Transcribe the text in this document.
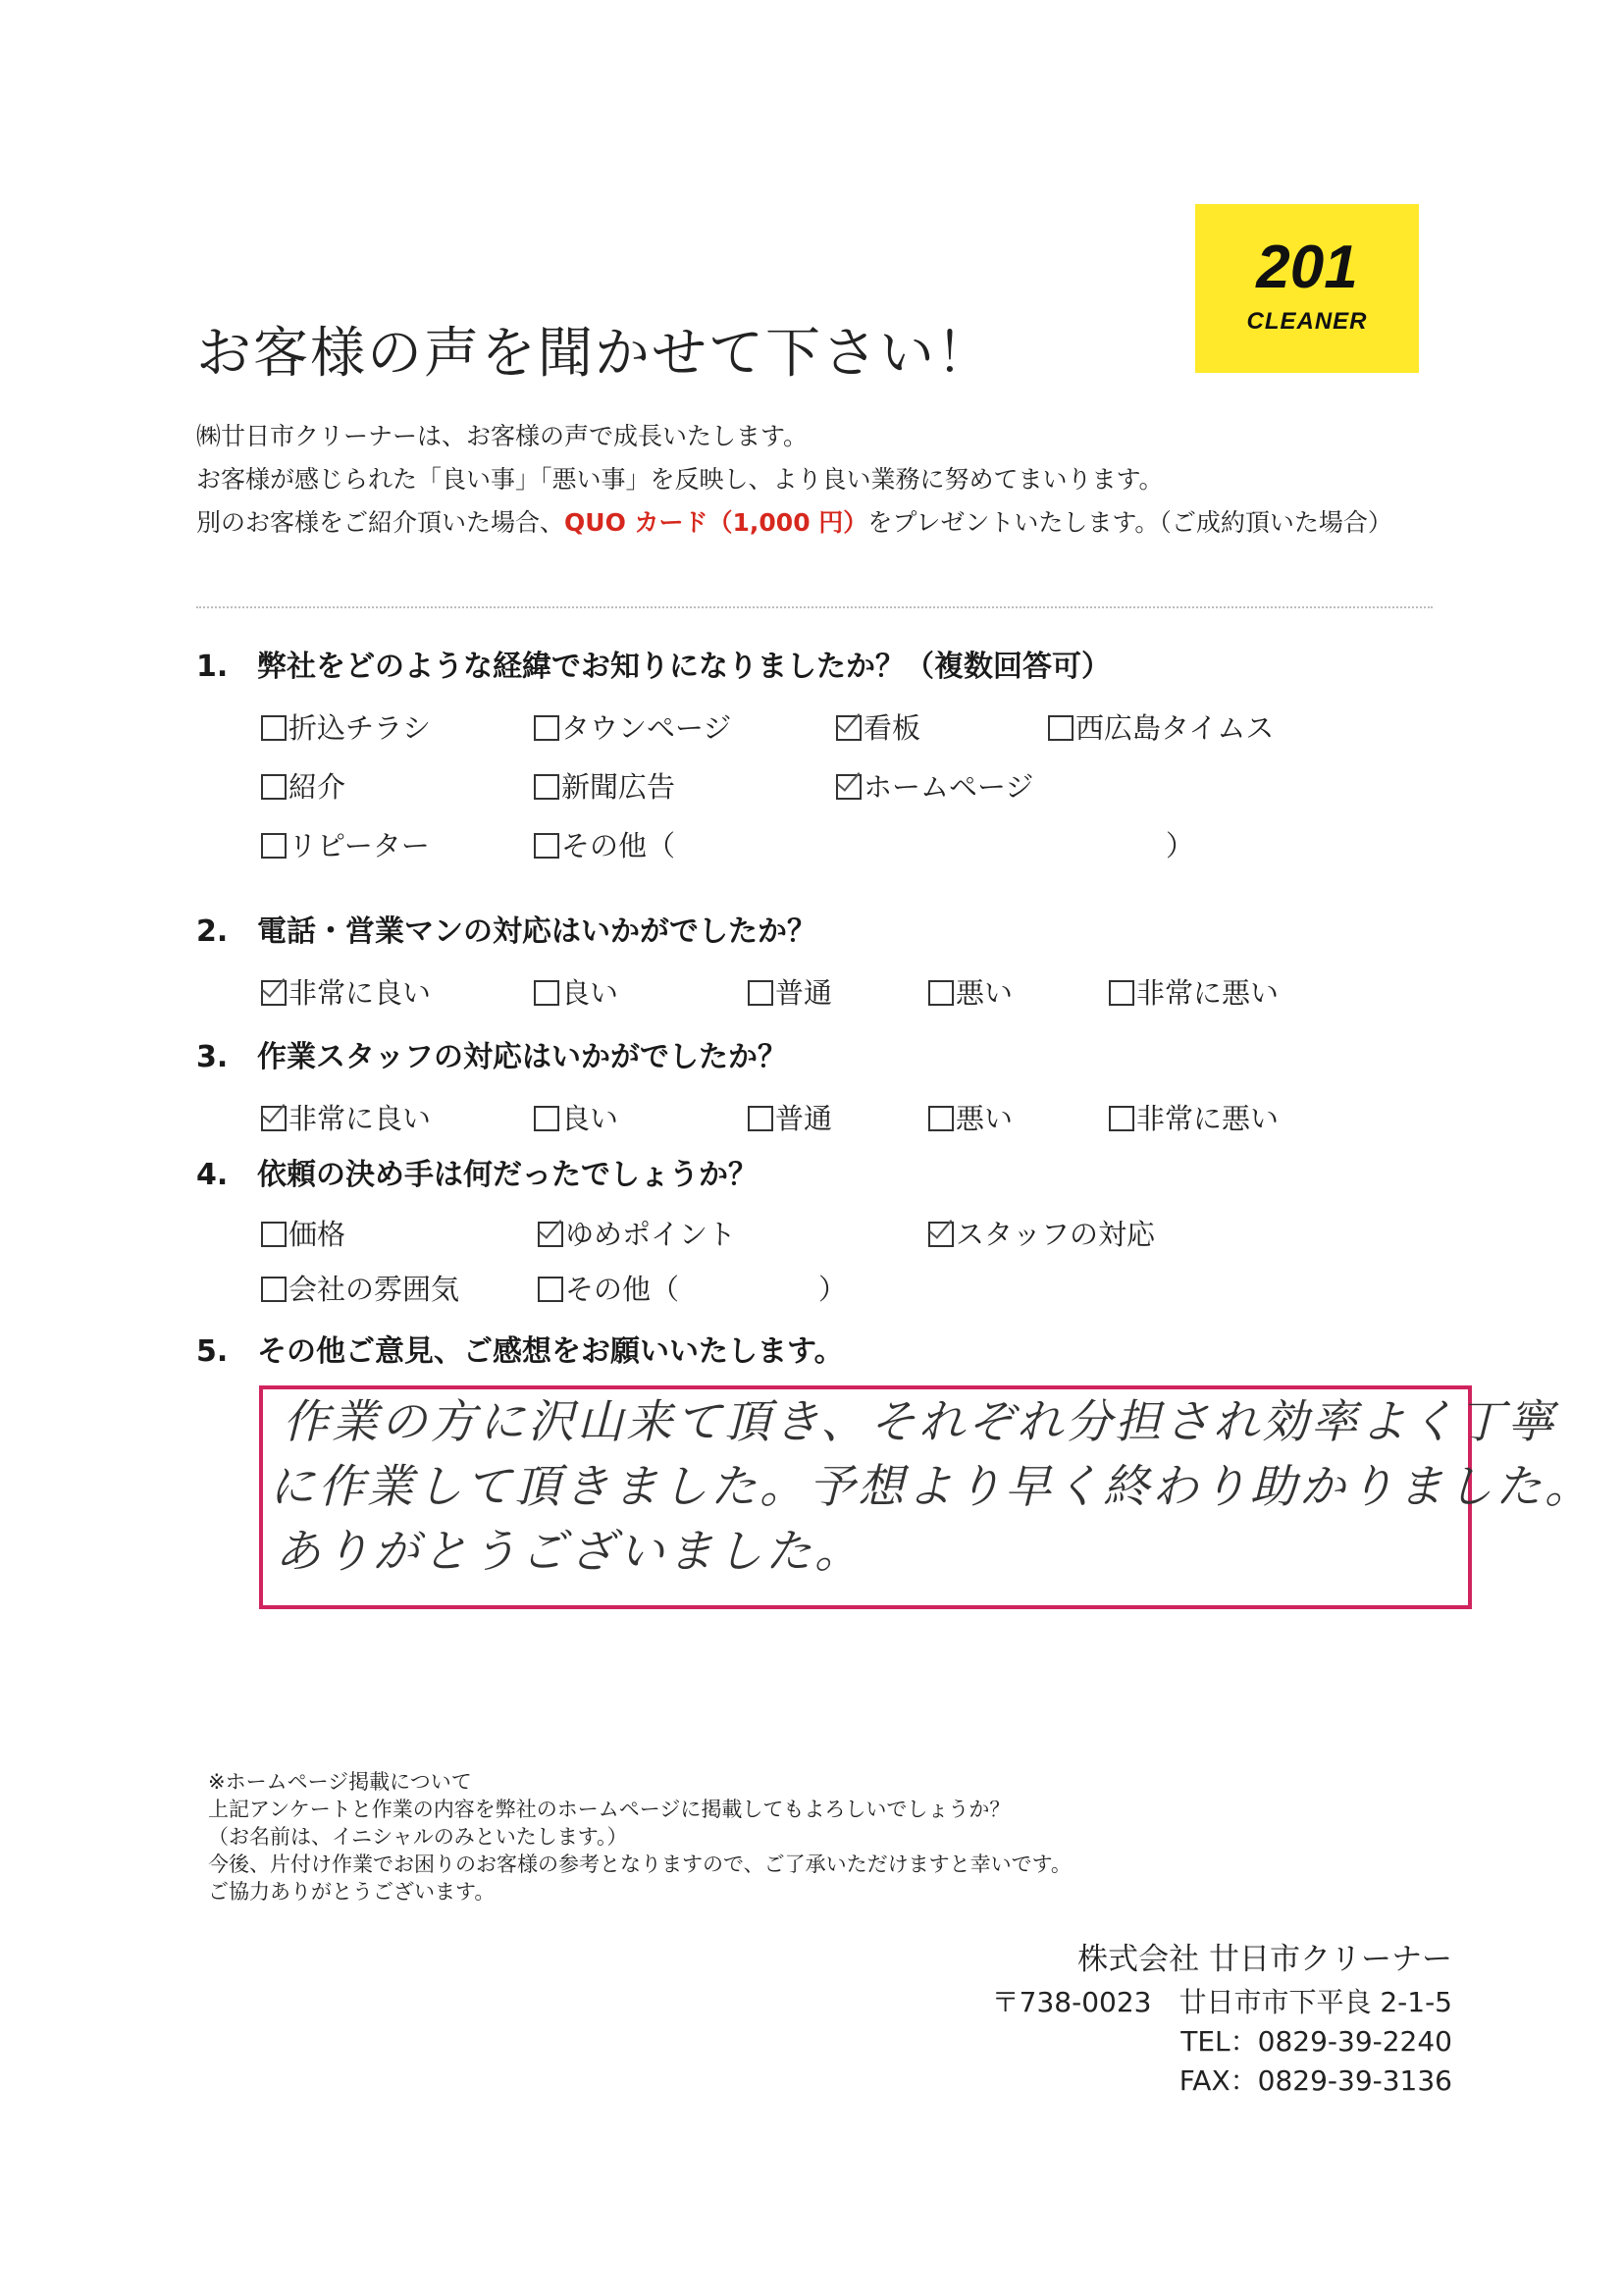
201
CLEANER
お客様の声を聞かせて下さい！
㈱廿日市クリーナーは、お客様の声で成長いたします。
お客様が感じられた「良い事」「悪い事」を反映し、より良い業務に努めてまいります。
別のお客様をご紹介頂いた場合、QUO カード（1,000 円）をプレゼントいたします。（ご成約頂いた場合）
1. 弊社をどのような経緯でお知りになりましたか？（複数回答可）
折込チラシ	タウンページ	看板	西広島タイムス
紹介	新聞広告	ホームページ
リピーター	その他（	）
2. 電話・営業マンの対応はいかがでしたか？
非常に良い	良い	普通	悪い	非常に悪い
3. 作業スタッフの対応はいかがでしたか？
非常に良い	良い	普通	悪い	非常に悪い
4. 依頼の決め手は何だったでしょうか？
価格	ゆめポイント	スタッフの対応
会社の雰囲気	その他（	）
5. その他ご意見、ご感想をお願いいたします。
作業の方に沢山来て頂き、それぞれ分担され効率よく丁寧
に作業して頂きました。予想より早く終わり助かりました。
ありがとうございました。
※ホームページ掲載について
上記アンケートと作業の内容を弊社のホームページに掲載してもよろしいでしょうか？
（お名前は、イニシャルのみといたします。）
今後、片付け作業でお困りのお客様の参考となりますので、ご了承いただけますと幸いです。
ご協力ありがとうございます。
株式会社 廿日市クリーナー
〒738-0023　廿日市市下平良 2-1-5
TEL：0829-39-2240
FAX：0829-39-3136
